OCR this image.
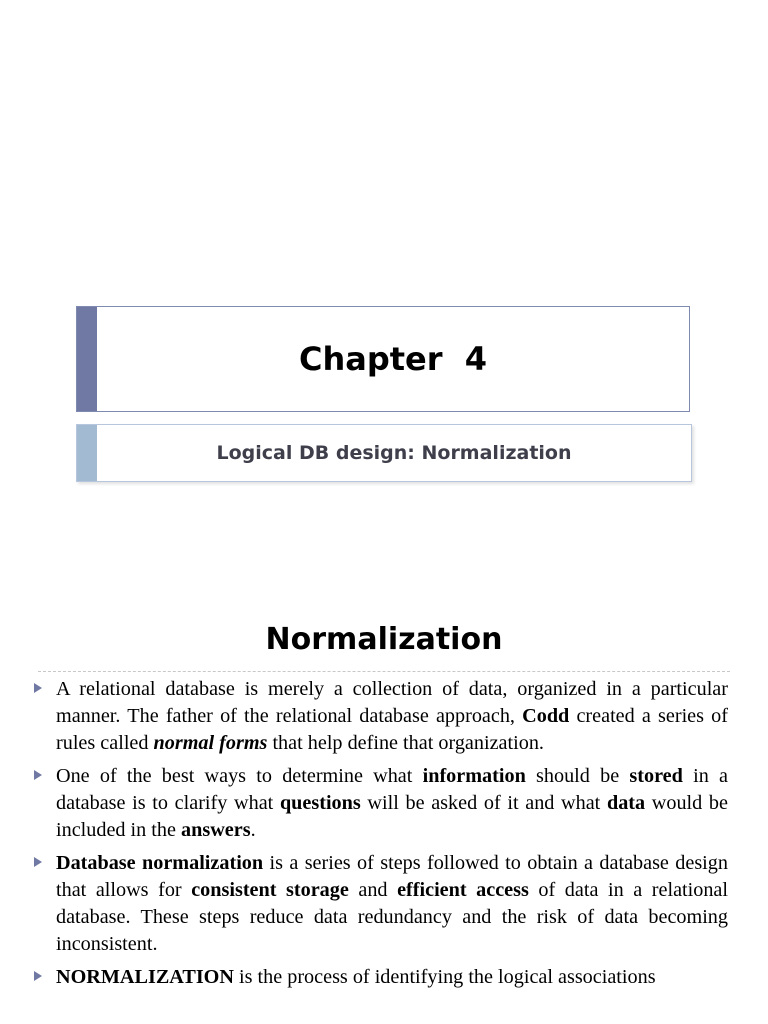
Chapter  4
Logical DB design: Normalization
Normalization
A relational database is merely a collection of data, organized in a particular manner. The father of the relational database approach, Codd created a series of rules called normal forms that help define that organization.
One of the best ways to determine what information should be stored in a database is to clarify what questions will be asked of it and what data would be included in the answers.
Database normalization is a series of steps followed to obtain a database design that allows for consistent storage and efficient access of data in a relational database. These steps reduce data redundancy and the risk of data becoming inconsistent.
NORMALIZATION is the process of identifying the logical associations
